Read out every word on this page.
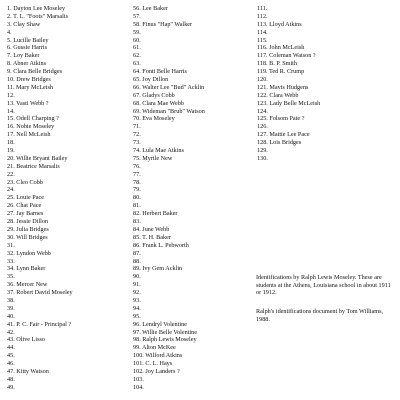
1. Dayton Lee Moseley
2. T. L. "Foots" Marsalis
3. Clay Shaw
4.
5. Lucille Bailey
6. Gussie Harris
7. Loy Baker
8. Abner Atkins
9. Clara Belle Bridges
10. Drew Bridges
11. Mary McLeish
12.
13. Vasti Webb ?
14.
15. Odell Charping ?
16. Nobie Moseley
17. Nell McLeish
18.
19.
20. Willie Bryant Bailey
21. Beatrice Marsalis
22.
23. Cleo Cobb
24.
25. Louie Pace
26. Chat Pace
27. Jay Barnes
28. Jessie Dillon
29. Julia Bridges
30. Will Bridges
31.
32. Lyndon Webb
33.
34. Lynn Baker
35.
36. Mercer New
37. Robert David Moseley
38.
39.
40.
41. P. C. Fair - Principal ?
42.
43. Olive Lisso
44.
45.
46.
47. Kitty Watson
48.
49.
56. Lee Baker
57.
58. Finus "Hap" Walker
59.
60.
61.
62.
63.
64. Fonti Belle Harris
65. Joy Dillon
66. Walter Lee "Bud" Acklin
67. Gladys Cobb
68. Clara Mae Webb
69. Wideman "Brub" Watson
70. Eva Moseley
71.
72.
73.
74. Lula Mae Atkins
75. Myrtle New
76.
77.
78.
79.
80.
81.
82. Herbert Baker
83.
84. June Webb
85. T. H. Baker
86. Frank L. Pebworth
87.
88.
89. Ivy Gem Acklin
90.
91.
92.
93.
94.
95.
96. Lendryl Volentine
97. Willie Belle Volentine
98. Ralph Lewis Moseley
99. Alton McKee
100. Wilford Atkins
101. C. L. Hays
102. Joy Landers ?
103.
104.
111.
112.
113. Lloyd Atkins
114.
115.
116. John McLeish
117. Coleman Watson ?
118. B. P. Smith
119. Ted R. Crump
120.
121. Mavis Hudgens
122. Clara Webb
123. Lady Belle McLeish
124.
125. Folsom Pate ?
126.
127. Mattie Lee Pace
128. Lois Bridges
129.
130.

Identifications by Ralph Lewis Moseley. These are students at the Athens, Louisiana school in about 1911 or 1912.

Ralph's identifications document by Tom Williams, 1988.
